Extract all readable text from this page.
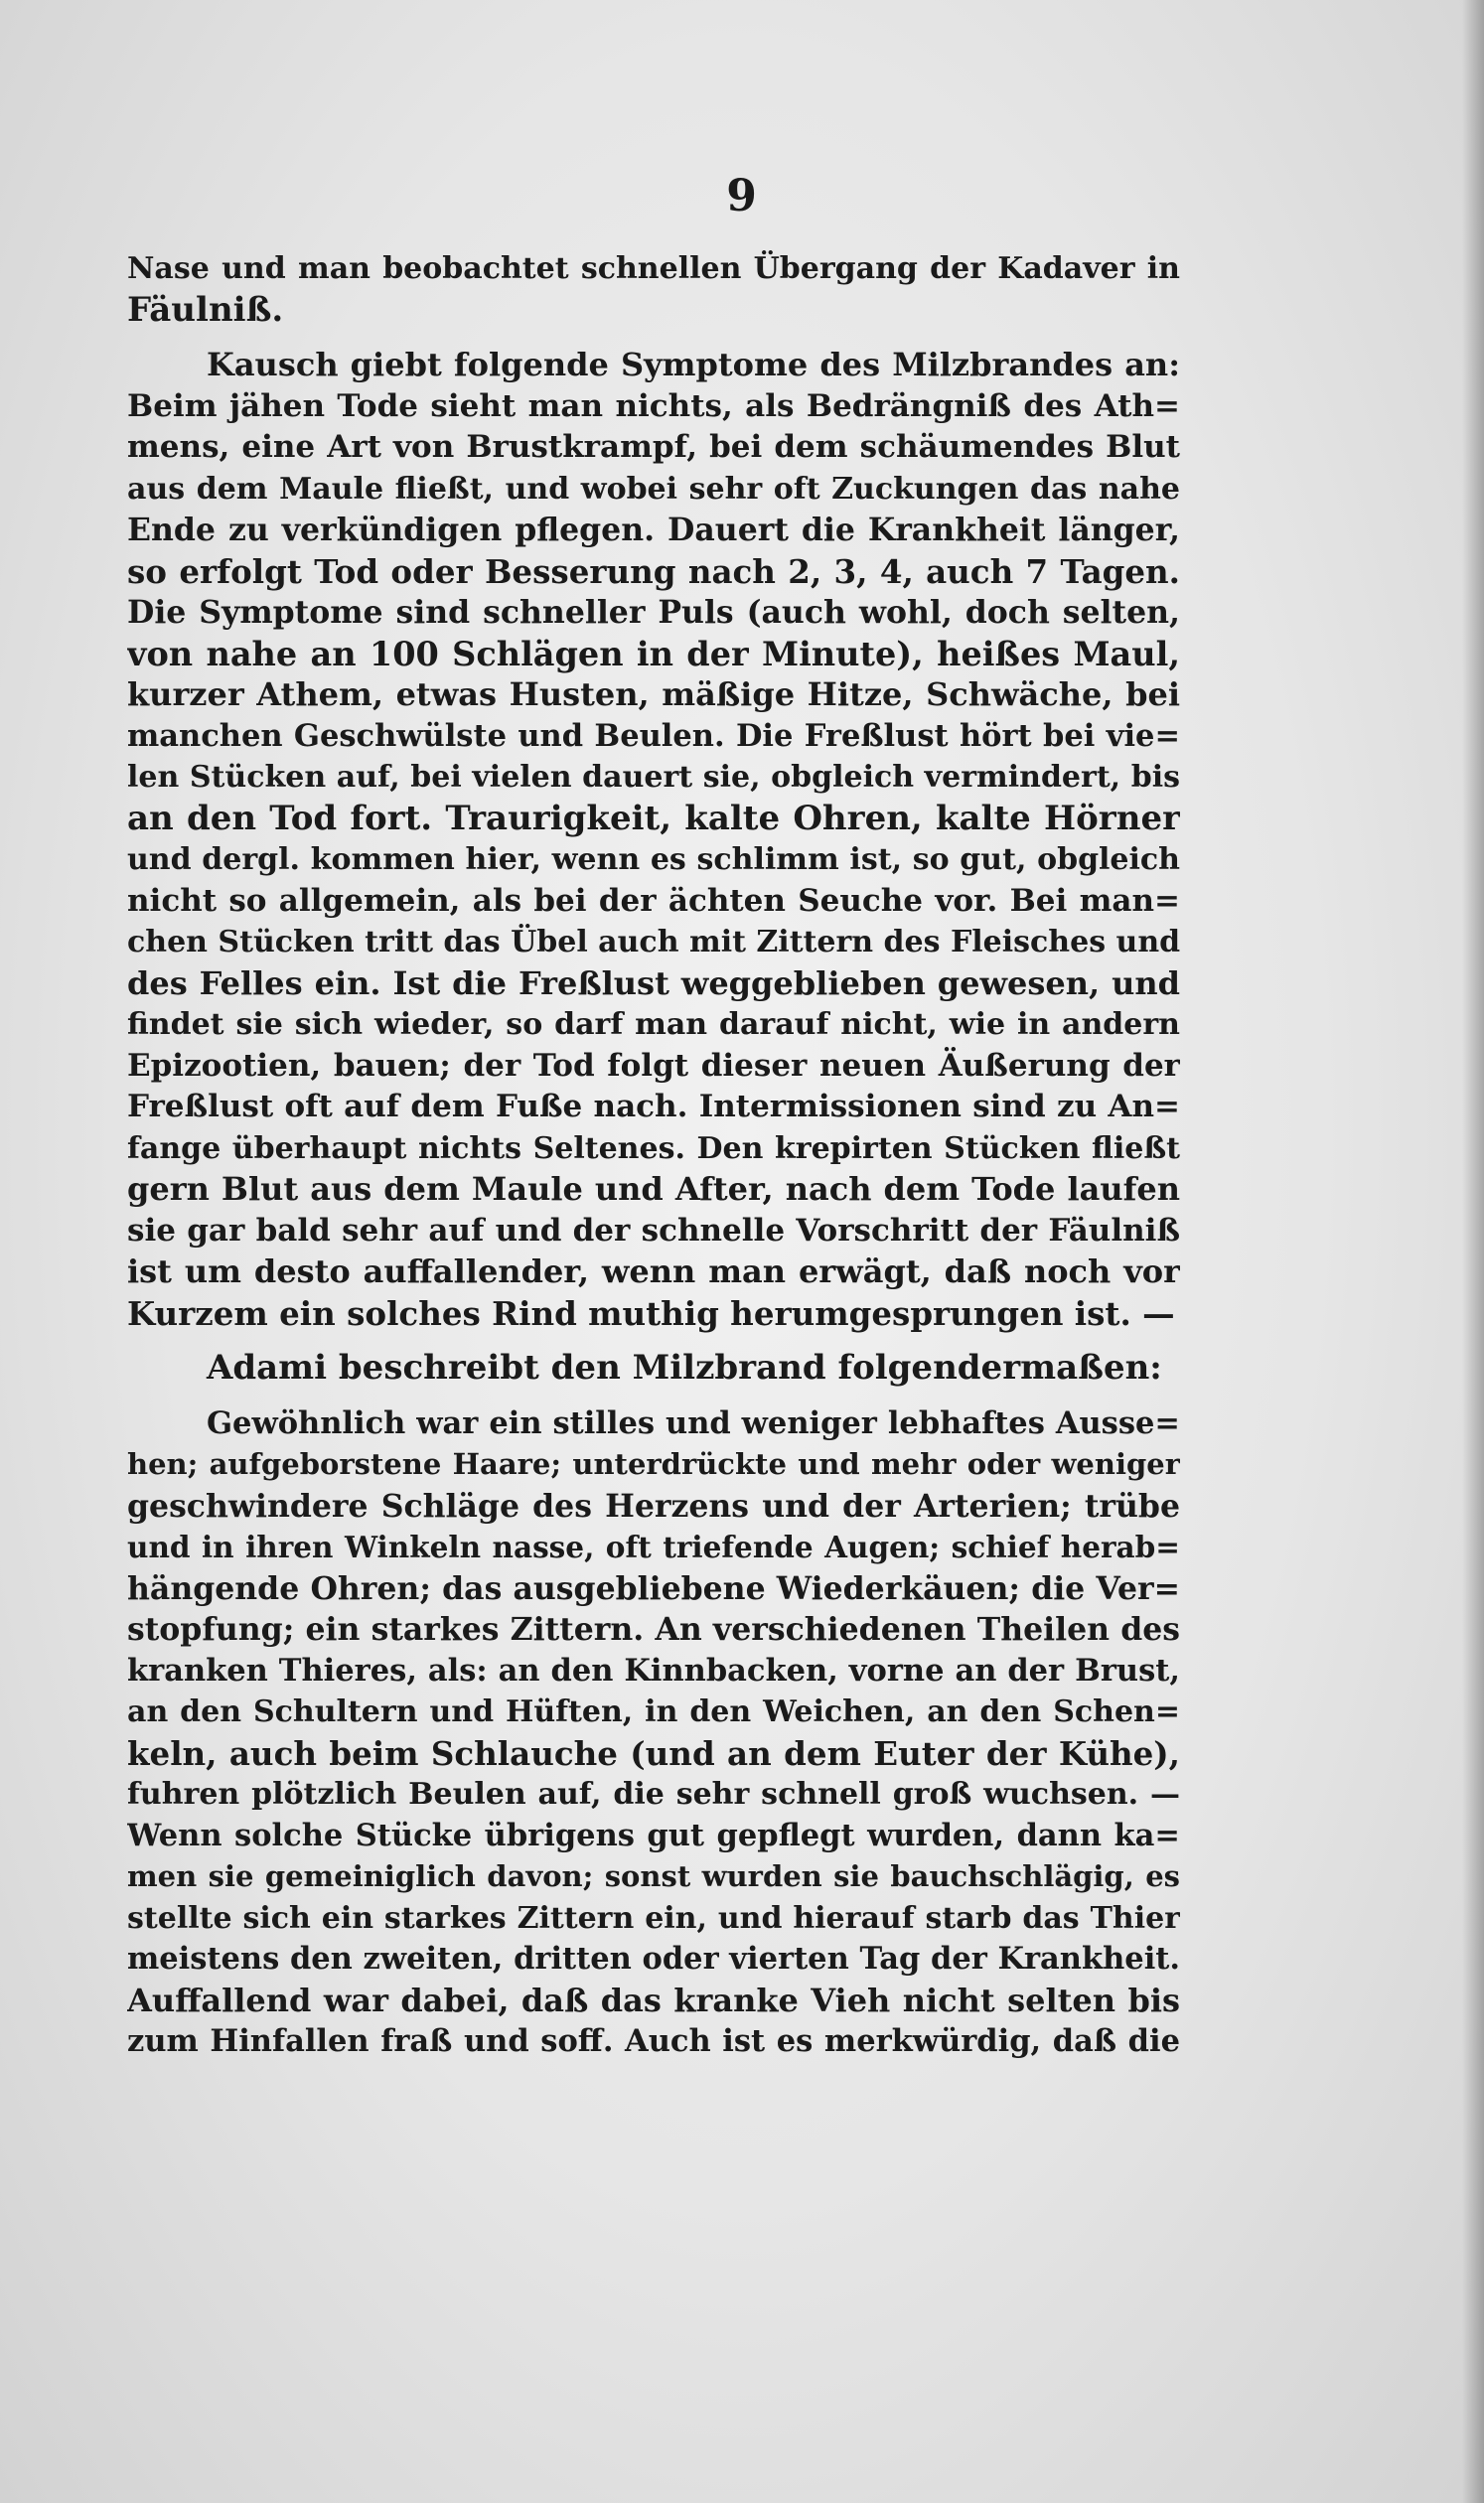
9
Nase und man beobachtet schnellen Übergang der Kadaver in
Fäulniß.
Kausch giebt folgende Symptome des Milzbrandes an:
Beim jähen Tode sieht man nichts, als Bedrängniß des Ath=
mens, eine Art von Brustkrampf, bei dem schäumendes Blut
aus dem Maule fließt, und wobei sehr oft Zuckungen das nahe
Ende zu verkündigen pflegen. Dauert die Krankheit länger,
so erfolgt Tod oder Besserung nach 2, 3, 4, auch 7 Tagen.
Die Symptome sind schneller Puls (auch wohl, doch selten,
von nahe an 100 Schlägen in der Minute), heißes Maul,
kurzer Athem, etwas Husten, mäßige Hitze, Schwäche, bei
manchen Geschwülste und Beulen. Die Freßlust hört bei vie=
len Stücken auf, bei vielen dauert sie, obgleich vermindert, bis
an den Tod fort. Traurigkeit, kalte Ohren, kalte Hörner
und dergl. kommen hier, wenn es schlimm ist, so gut, obgleich
nicht so allgemein, als bei der ächten Seuche vor. Bei man=
chen Stücken tritt das Übel auch mit Zittern des Fleisches und
des Felles ein. Ist die Freßlust weggeblieben gewesen, und
findet sie sich wieder, so darf man darauf nicht, wie in andern
Epizootien, bauen; der Tod folgt dieser neuen Äußerung der
Freßlust oft auf dem Fuße nach. Intermissionen sind zu An=
fange überhaupt nichts Seltenes. Den krepirten Stücken fließt
gern Blut aus dem Maule und After, nach dem Tode laufen
sie gar bald sehr auf und der schnelle Vorschritt der Fäulniß
ist um desto auffallender, wenn man erwägt, daß noch vor
Kurzem ein solches Rind muthig herumgesprungen ist. —
Adami beschreibt den Milzbrand folgendermaßen:
Gewöhnlich war ein stilles und weniger lebhaftes Ausse=
hen; aufgeborstene Haare; unterdrückte und mehr oder weniger
geschwindere Schläge des Herzens und der Arterien; trübe
und in ihren Winkeln nasse, oft triefende Augen; schief herab=
hängende Ohren; das ausgebliebene Wiederkäuen; die Ver=
stopfung; ein starkes Zittern. An verschiedenen Theilen des
kranken Thieres, als: an den Kinnbacken, vorne an der Brust,
an den Schultern und Hüften, in den Weichen, an den Schen=
keln, auch beim Schlauche (und an dem Euter der Kühe),
fuhren plötzlich Beulen auf, die sehr schnell groß wuchsen. —
Wenn solche Stücke übrigens gut gepflegt wurden, dann ka=
men sie gemeiniglich davon; sonst wurden sie bauchschlägig, es
stellte sich ein starkes Zittern ein, und hierauf starb das Thier
meistens den zweiten, dritten oder vierten Tag der Krankheit.
Auffallend war dabei, daß das kranke Vieh nicht selten bis
zum Hinfallen fraß und soff. Auch ist es merkwürdig, daß die
